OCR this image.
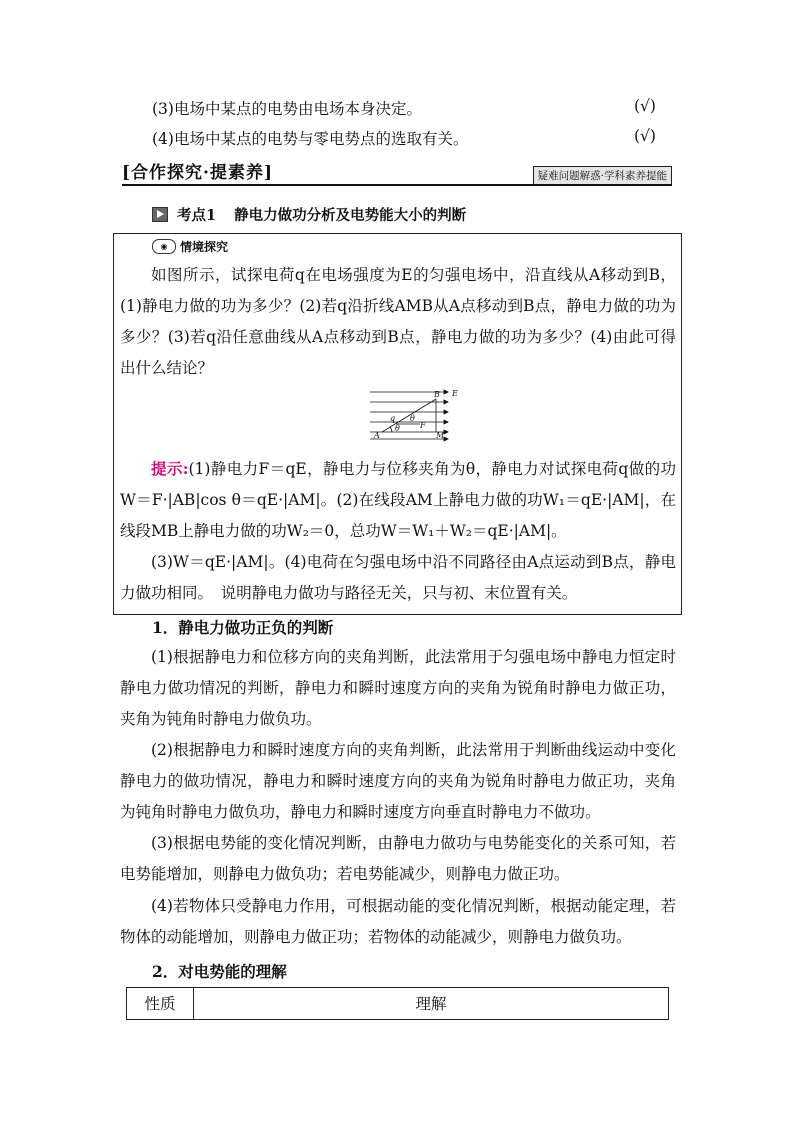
(3)电场中某点的电势由电场本身决定。	(√)
(4)电场中某点的电势与零电势点的选取有关。	(√)
[合作探究·提素养]	疑难问题解惑·学科素养提能
考点1 静电力做功分析及电势能大小的判断
◉	情境探究
如图所示，试探电荷q在电场强度为E的匀强电场中，沿直线从A移动到B，(1)静电力做的功为多少？(2)若q沿折线AMB从A点移动到B点，静电力做的功为多少？(3)若q沿任意曲线从A点移动到B点，静电力做的功为多少？(4)由此可得出什么结论？
E
B
q θ
θ	F
A	M
提示:(1)静电力F＝qE，静电力与位移夹角为θ，静电力对试探电荷q做的功W＝F·|AB|cos θ＝qE·|AM|。(2)在线段AM上静电力做的功W₁＝qE·|AM|，在线段MB上静电力做的功W₂＝0，总功W＝W₁＋W₂＝qE·|AM|。
(3)W＝qE·|AM|。(4)电荷在匀强电场中沿不同路径由A点运动到B点，静电力做功相同。　说明静电力做功与路径无关，只与初、末位置有关。
1．静电力做功正负的判断
(1)根据静电力和位移方向的夹角判断，此法常用于匀强电场中静电力恒定时静电力做功情况的判断，静电力和瞬时速度方向的夹角为锐角时静电力做正功，夹角为钝角时静电力做负功。
(2)根据静电力和瞬时速度方向的夹角判断，此法常用于判断曲线运动中变化静电力的做功情况，静电力和瞬时速度方向的夹角为锐角时静电力做正功，夹角为钝角时静电力做负功，静电力和瞬时速度方向垂直时静电力不做功。
(3)根据电势能的变化情况判断，由静电力做功与电势能变化的关系可知，若电势能增加，则静电力做负功；若电势能减少，则静电力做正功。
(4)若物体只受静电力作用，可根据动能的变化情况判断，根据动能定理，若物体的动能增加，则静电力做正功；若物体的动能减少，则静电力做负功。
2．对电势能的理解
性质	理解
